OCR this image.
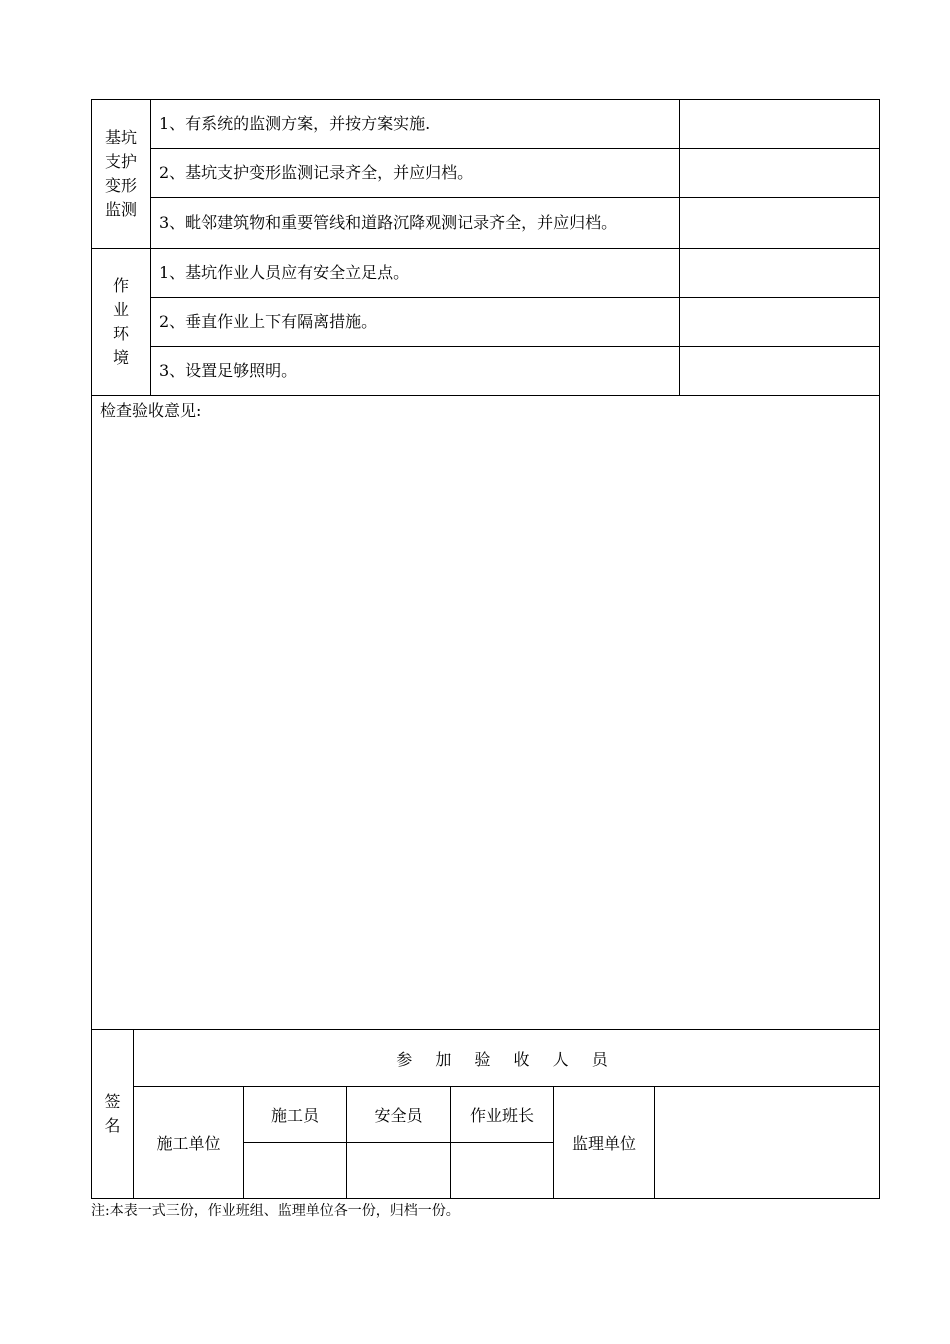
基坑
支护
变形
监测	1、有系统的监测方案，并按方案实施.	
	2、基坑支护变形监测记录齐全，并应归档。	
	3、毗邻建筑物和重要管线和道路沉降观测记录齐全，并应归档。	

作
业
环
境	1、基坑作业人员应有安全立足点。	
	2、垂直作业上下有隔离措施。	
	3、设置足够照明。	
检查验收意见:		
签
名	参 加 验 收 人 员					
	施工单位	施工员	安全员	作业班长	监理单位	

注:本表一式三份，作业班组、监理单位各一份，归档一份。
